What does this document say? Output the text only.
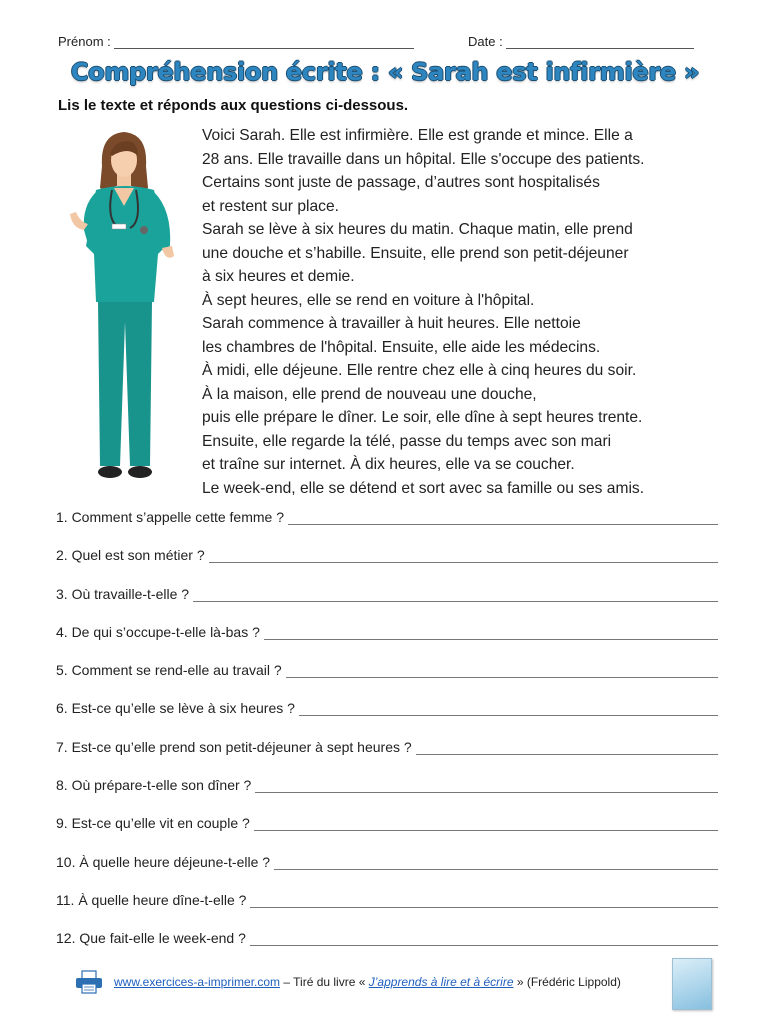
Prénom :	Date :
Compréhension écrite : « Sarah est infirmière »
Lis le texte et réponds aux questions ci-dessous.
Voici Sarah. Elle est infirmière. Elle est grande et mince. Elle a
28 ans. Elle travaille dans un hôpital. Elle s'occupe des patients.
Certains sont juste de passage, d’autres sont hospitalisés
et restent sur place.
Sarah se lève à six heures du matin. Chaque matin, elle prend
une douche et s’habille. Ensuite, elle prend son petit-déjeuner
à six heures et demie.
À sept heures, elle se rend en voiture à l'hôpital.
Sarah commence à travailler à huit heures. Elle nettoie
les chambres de l'hôpital. Ensuite, elle aide les médecins.
À midi, elle déjeune. Elle rentre chez elle à cinq heures du soir.
À la maison, elle prend de nouveau une douche,
puis elle prépare le dîner. Le soir, elle dîne à sept heures trente.
Ensuite, elle regarde la télé, passe du temps avec son mari
et traîne sur internet. À dix heures, elle va se coucher.
Le week-end, elle se détend et sort avec sa famille ou ses amis.
1. Comment s’appelle cette femme ?
2. Quel est son métier ?
3. Où travaille-t-elle ?
4. De qui s’occupe-t-elle là-bas ?
5. Comment se rend-elle au travail ?
6. Est-ce qu’elle se lève à six heures ?
7. Est-ce qu’elle prend son petit-déjeuner à sept heures ?
8. Où prépare-t-elle son dîner ?
9. Est-ce qu’elle vit en couple ?
10. À quelle heure déjeune-t-elle ?
11. À quelle heure dîne-t-elle ?
12. Que fait-elle le week-end ?
www.exercices-a-imprimer.com – Tiré du livre « J’apprends à lire et à écrire » (Frédéric Lippold)
